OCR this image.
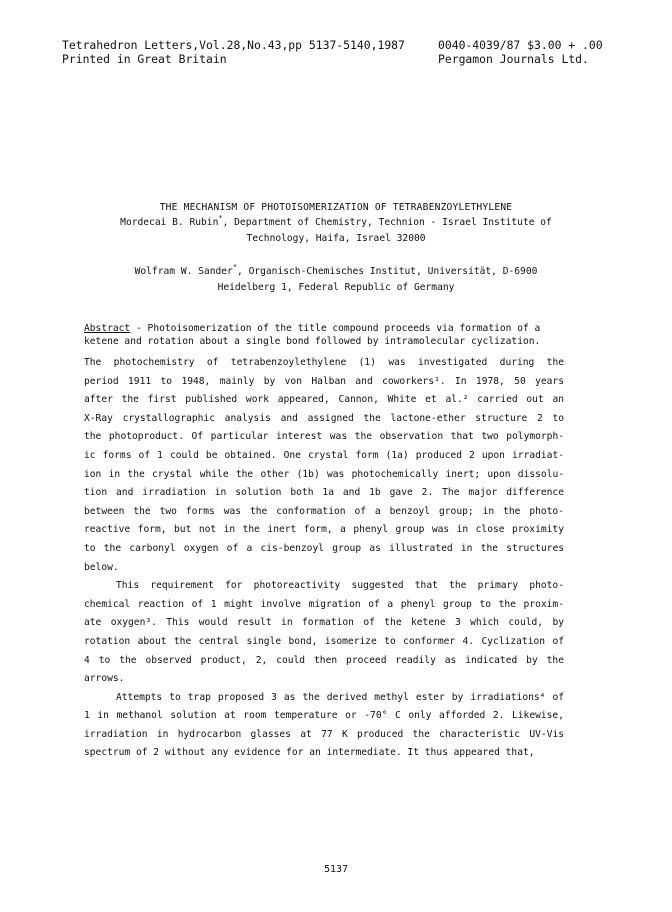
Tetrahedron Letters,Vol.28,No.43,pp 5137-5140,1987
Printed in Great Britain
0040-4039/87 $3.00 + .00
Pergamon Journals Ltd.
THE MECHANISM OF PHOTOISOMERIZATION OF TETRABENZOYLETHYLENE
Mordecai B. Rubin*, Department of Chemistry, Technion - Israel Institute of
Technology, Haifa, Israel 32000
Wolfram W. Sander*, Organisch-Chemisches Institut, Universität, D-6900
Heidelberg 1, Federal Republic of Germany
Abstract - Photoisomerization of the title compound proceeds via formation of a
ketene and rotation about a single bond followed by intramolecular cyclization.
The photochemistry of tetrabenzoylethylene (1) was investigated during the
period 1911 to 1948, mainly by von Halban and coworkers¹. In 1978, 50 years
after the first published work appeared, Cannon, White et al.² carried out an
X-Ray crystallographic analysis and assigned the lactone-ether structure 2 to
the photoproduct. Of particular interest was the observation that two polymorph-
ic forms of 1 could be obtained. One crystal form (1a) produced 2 upon irradiat-
ion in the crystal while the other (1b) was photochemically inert; upon dissolu-
tion and irradiation in solution both 1a and 1b gave 2. The major difference
between the two forms was the conformation of a benzoyl group; in the photo-
reactive form, but not in the inert form, a phenyl group was in close proximity
to the carbonyl oxygen of a cis-benzoyl group as illustrated in the structures
below.
This requirement for photoreactivity suggested that the primary photo-
chemical reaction of 1 might involve migration of a phenyl group to the proxim-
ate oxygen³. This would result in formation of the ketene 3 which could, by
rotation about the central single bond, isomerize to conformer 4. Cyclization of
4 to the observed product, 2, could then proceed readily as indicated by the
arrows.
Attempts to trap proposed 3 as the derived methyl ester by irradiations⁴ of
1 in methanol solution at room temperature or -70° C only afforded 2. Likewise,
irradiation in hydrocarbon glasses at 77 K produced the characteristic UV-Vis
spectrum of 2 without any evidence for an intermediate. It thus appeared that,
5137
